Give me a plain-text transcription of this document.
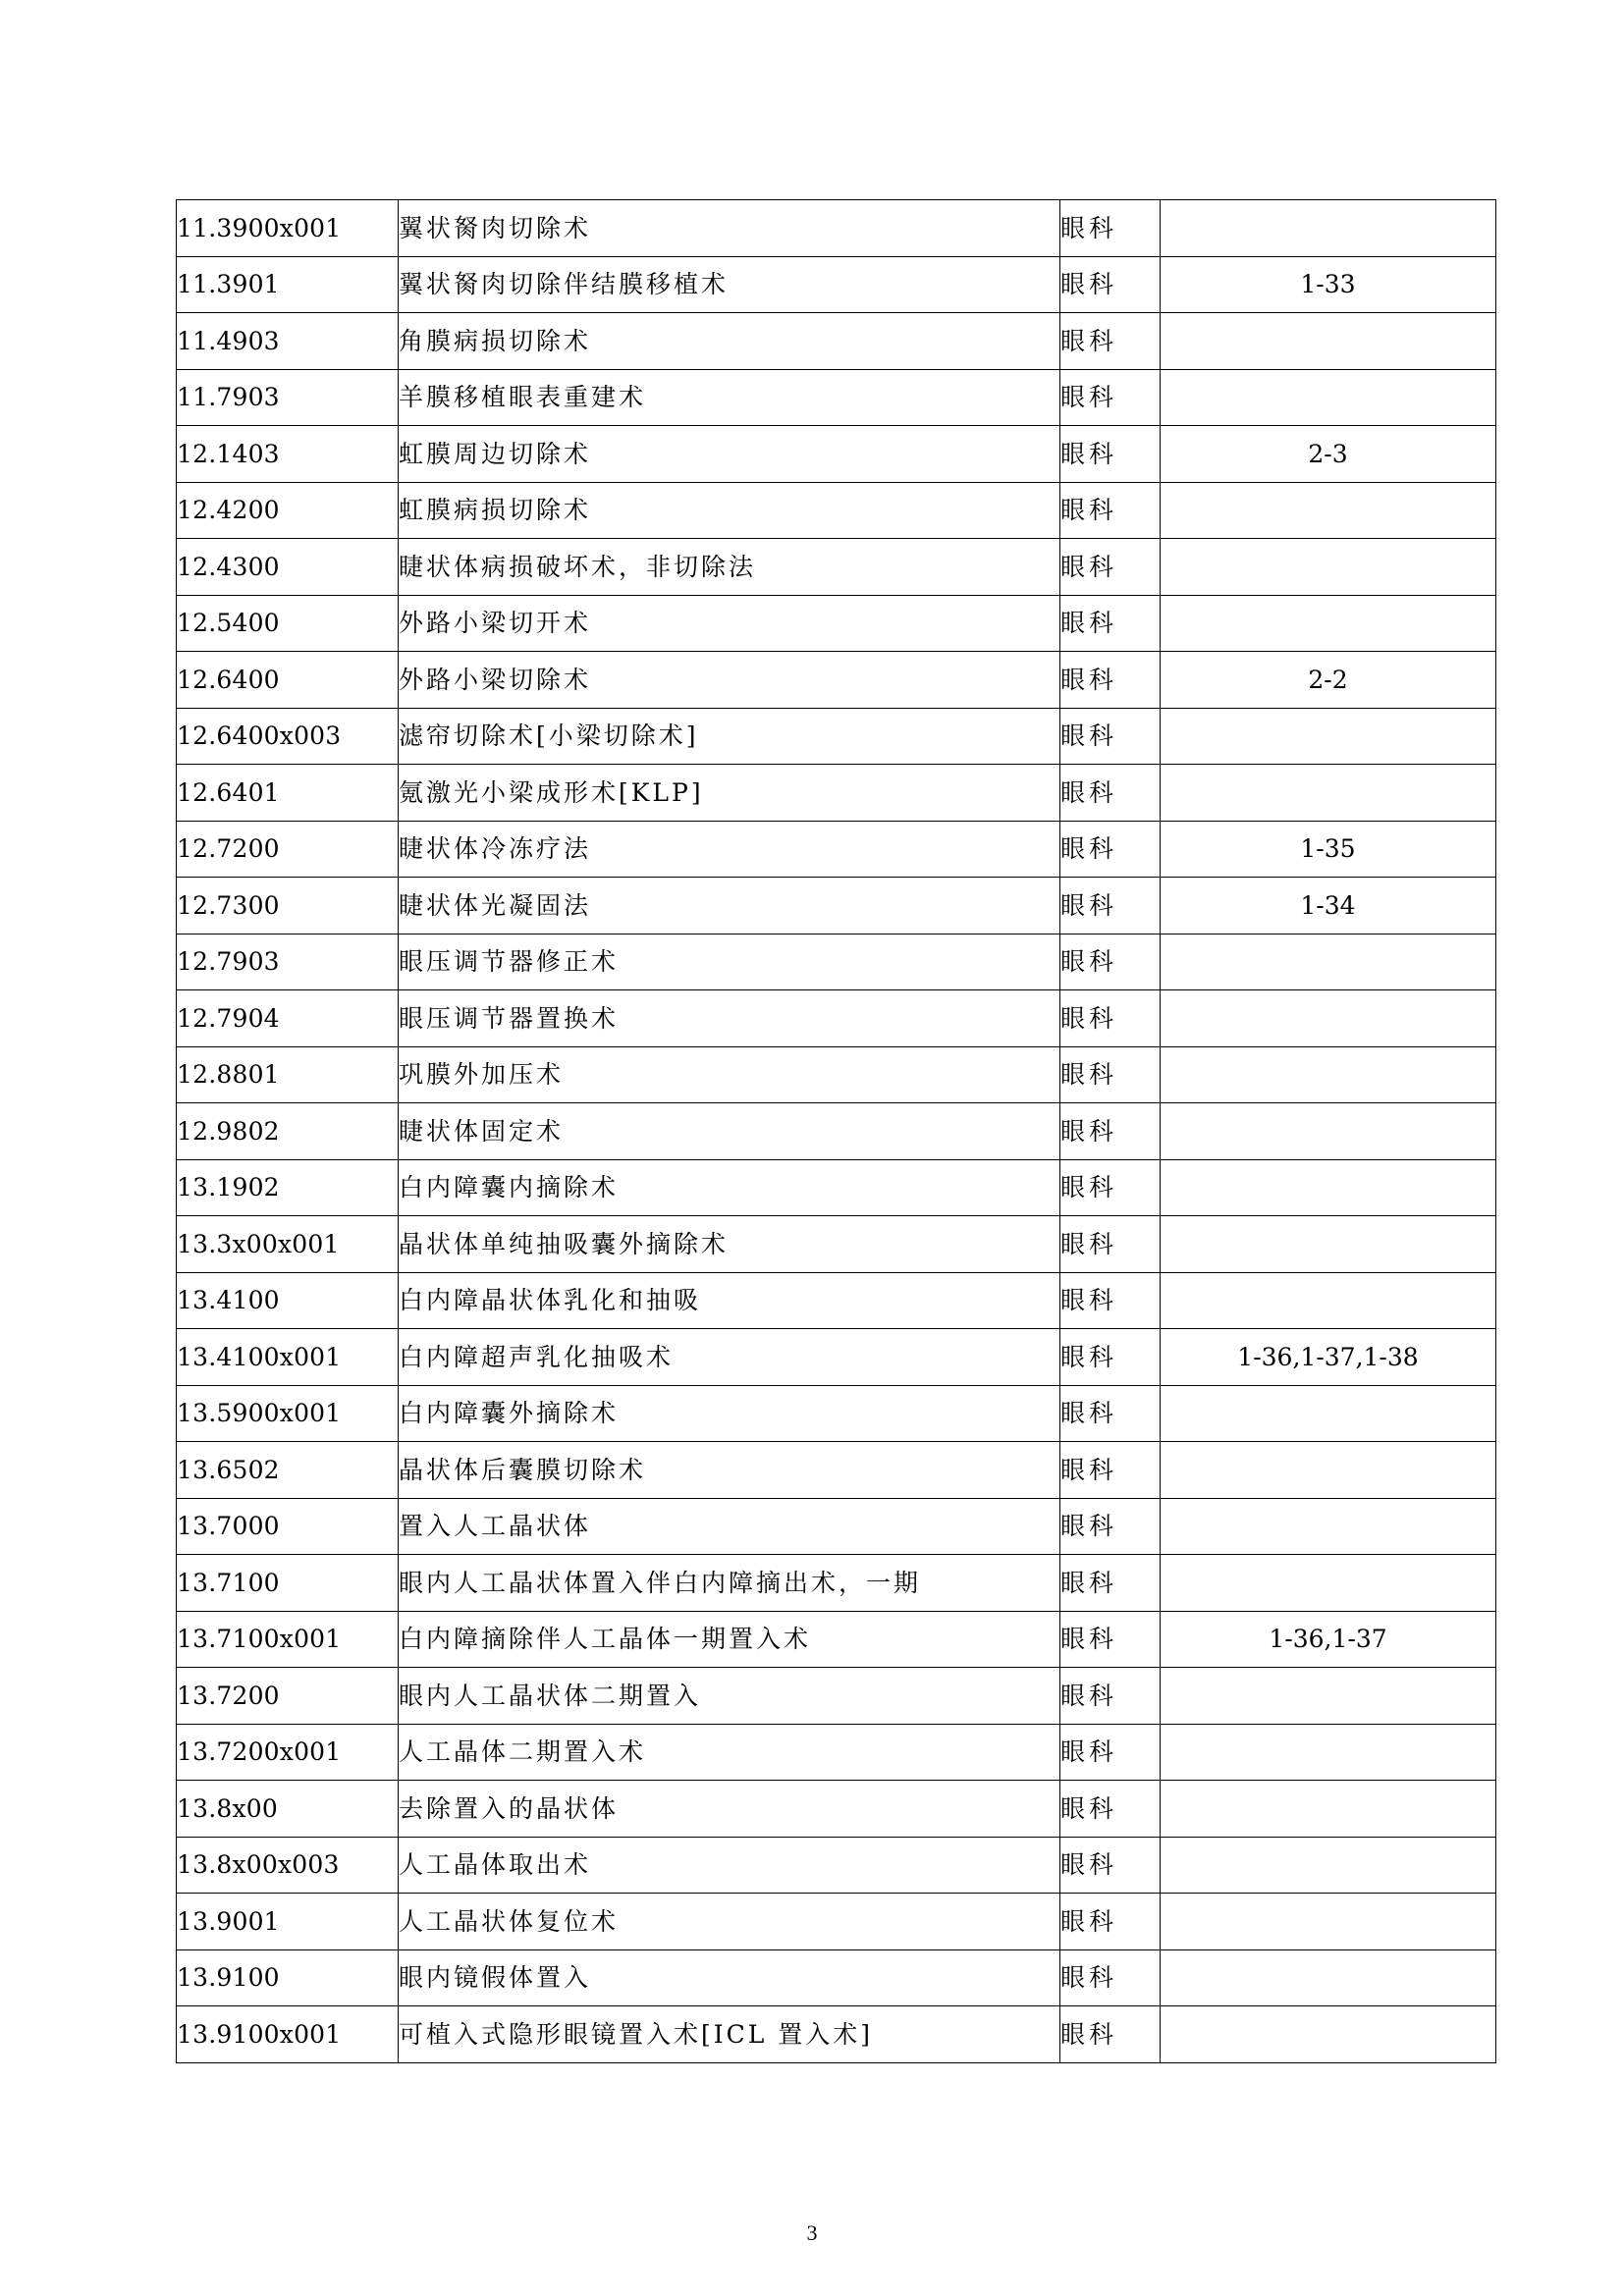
11.3900x001	翼状胬肉切除术	眼科	
11.3901	翼状胬肉切除伴结膜移植术	眼科	1-33
11.4903	角膜病损切除术	眼科	
11.7903	羊膜移植眼表重建术	眼科	
12.1403	虹膜周边切除术	眼科	2-3
12.4200	虹膜病损切除术	眼科	
12.4300	睫状体病损破坏术，非切除法	眼科	
12.5400	外路小梁切开术	眼科	
12.6400	外路小梁切除术	眼科	2-2
12.6400x003	滤帘切除术[小梁切除术]	眼科	
12.6401	氪激光小梁成形术[KLP]	眼科	
12.7200	睫状体冷冻疗法	眼科	1-35
12.7300	睫状体光凝固法	眼科	1-34
12.7903	眼压调节器修正术	眼科	
12.7904	眼压调节器置换术	眼科	
12.8801	巩膜外加压术	眼科	
12.9802	睫状体固定术	眼科	
13.1902	白内障囊内摘除术	眼科	
13.3x00x001	晶状体单纯抽吸囊外摘除术	眼科	
13.4100	白内障晶状体乳化和抽吸	眼科	
13.4100x001	白内障超声乳化抽吸术	眼科	1-36,1-37,1-38
13.5900x001	白内障囊外摘除术	眼科	
13.6502	晶状体后囊膜切除术	眼科	
13.7000	置入人工晶状体	眼科	
13.7100	眼内人工晶状体置入伴白内障摘出术，一期	眼科	
13.7100x001	白内障摘除伴人工晶体一期置入术	眼科	1-36,1-37
13.7200	眼内人工晶状体二期置入	眼科	
13.7200x001	人工晶体二期置入术	眼科	
13.8x00	去除置入的晶状体	眼科	
13.8x00x003	人工晶体取出术	眼科	
13.9001	人工晶状体复位术	眼科	
13.9100	眼内镜假体置入	眼科	
13.9100x001	可植入式隐形眼镜置入术[ICL 置入术]	眼科	
3
